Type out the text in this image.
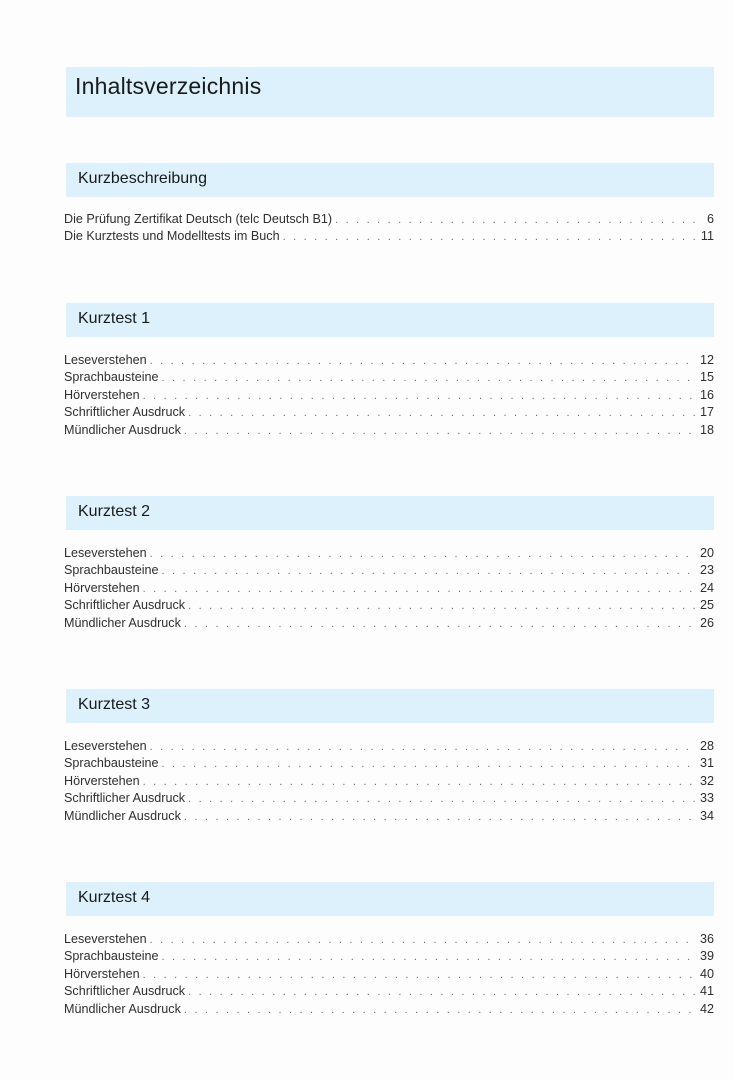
Inhaltsverzeichnis
Kurzbeschreibung
Die Prüfung Zertifikat Deutsch (telc Deutsch B1) . . .	6
Die Kurztests und Modelltests im Buch . . .	11
Kurztest 1
Leseverstehen . . .	12
Sprachbausteine . . .	15
Hörverstehen . . .	16
Schriftlicher Ausdruck . . .	17
Mündlicher Ausdruck . . .	18
Kurztest 2
Leseverstehen . . .	20
Sprachbausteine . . .	23
Hörverstehen . . .	24
Schriftlicher Ausdruck . . .	25
Mündlicher Ausdruck . . .	26
Kurztest 3
Leseverstehen . . .	28
Sprachbausteine . . .	31
Hörverstehen . . .	32
Schriftlicher Ausdruck . . .	33
Mündlicher Ausdruck . . .	34
Kurztest 4
Leseverstehen . . .	36
Sprachbausteine . . .	39
Hörverstehen . . .	40
Schriftlicher Ausdruck . . .	41
Mündlicher Ausdruck . . .	42
